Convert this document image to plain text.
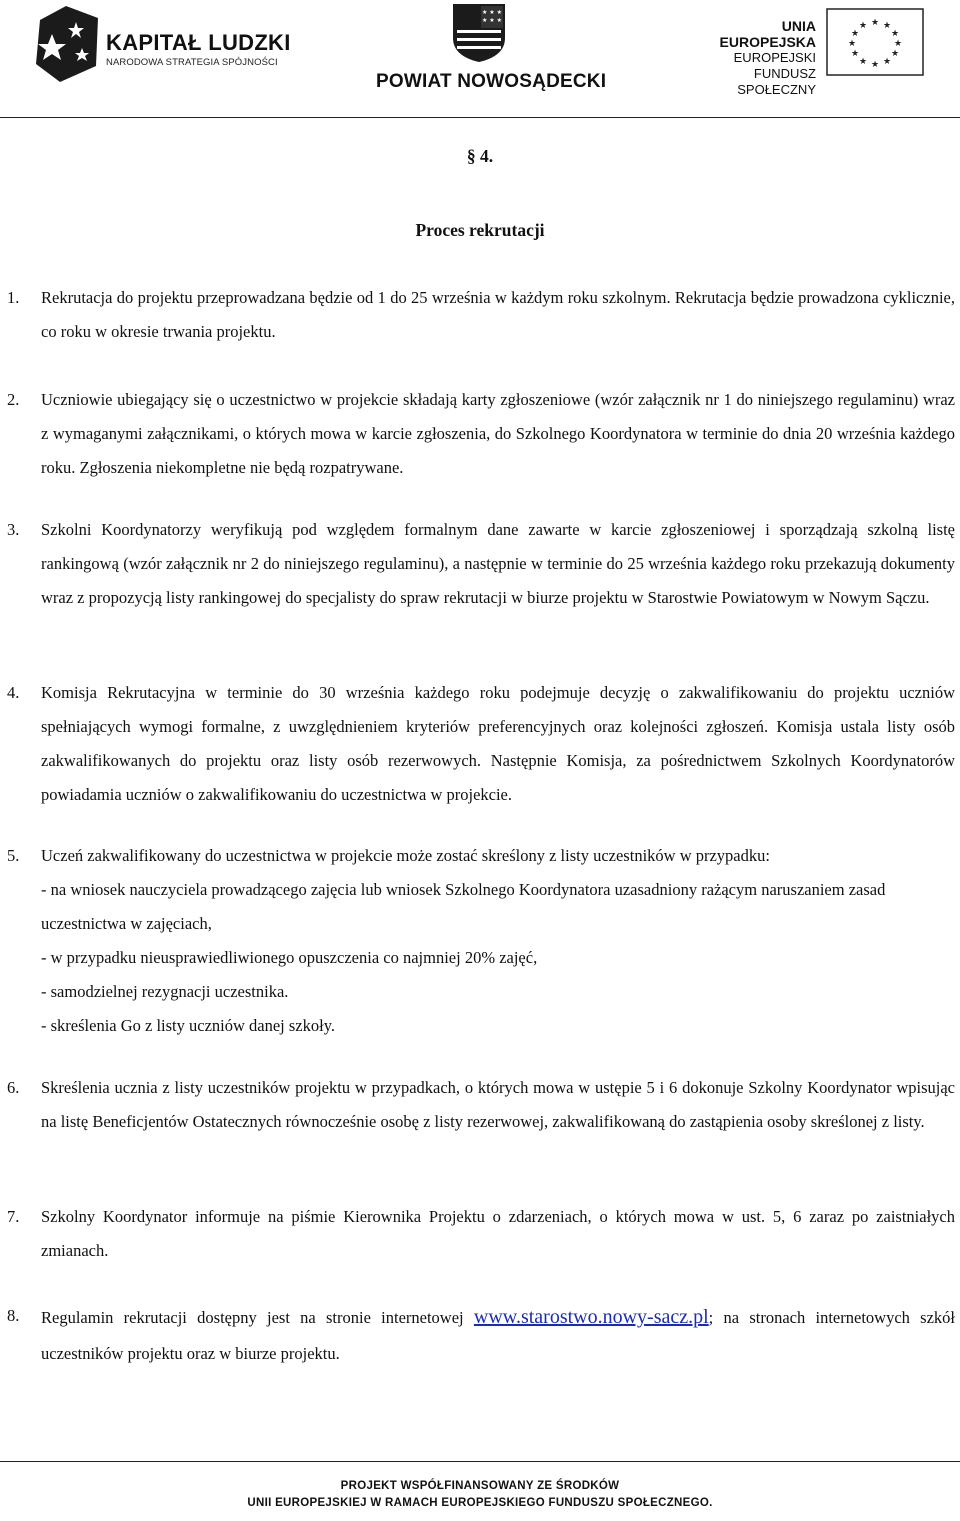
KAPITAŁ LUDZKI
NARODOWA STRATEGIA SPÓJNOŚCI
★ ★ ★
★ ★ ★
POWIAT NOWOSĄDECKI
UNIA EUROPEJSKA
EUROPEJSKI
FUNDUSZ SPOŁECZNY
★ ★
★
★
★
★
★
★
★
★
★
★
§ 4.
Proces rekrutacji
1. Rekrutacja do projektu przeprowadzana będzie od 1 do 25 września w każdym roku szkolnym. Rekrutacja będzie prowadzona cyklicznie, co roku w okresie trwania projektu.
2. Uczniowie ubiegający się o uczestnictwo w projekcie składają karty zgłoszeniowe (wzór załącznik nr 1 do niniejszego regulaminu) wraz z wymaganymi załącznikami, o których mowa w karcie zgłoszenia, do Szkolnego Koordynatora w terminie do dnia 20 września każdego roku. Zgłoszenia niekompletne nie będą rozpatrywane.
3. Szkolni Koordynatorzy weryfikują pod względem formalnym dane zawarte w karcie zgłoszeniowej i sporządzają szkolną listę rankingową (wzór załącznik nr 2 do niniejszego regulaminu), a następnie w terminie do 25 września każdego roku przekazują dokumenty wraz z propozycją listy rankingowej do specjalisty do spraw rekrutacji w biurze projektu w Starostwie Powiatowym w Nowym Sączu.
4. Komisja Rekrutacyjna w terminie do 30 września każdego roku podejmuje decyzję o zakwalifikowaniu do projektu uczniów spełniających wymogi formalne, z uwzględnieniem kryteriów preferencyjnych oraz kolejności zgłoszeń. Komisja ustala listy osób zakwalifikowanych do projektu oraz listy osób rezerwowych. Następnie Komisja, za pośrednictwem Szkolnych Koordynatorów powiadamia uczniów o zakwalifikowaniu do uczestnictwa w projekcie.
5. Uczeń zakwalifikowany do uczestnictwa w projekcie może zostać skreślony z listy uczestników w przypadku:
- na wniosek nauczyciela prowadzącego zajęcia lub wniosek Szkolnego Koordynatora uzasadniony rażącym naruszaniem zasad uczestnictwa w zajęciach,
- w przypadku nieusprawiedliwionego opuszczenia co najmniej 20% zajęć,
- samodzielnej rezygnacji uczestnika.
- skreślenia Go z listy uczniów danej szkoły.
6. Skreślenia ucznia z listy uczestników projektu w przypadkach, o których mowa w ustępie 5 i 6 dokonuje Szkolny Koordynator wpisując na listę Beneficjentów Ostatecznych równocześnie osobę z listy rezerwowej, zakwalifikowaną do zastąpienia osoby skreślonej z listy.
7. Szkolny Koordynator informuje na piśmie Kierownika Projektu o zdarzeniach, o których mowa w ust. 5, 6 zaraz po zaistniałych zmianach.
8. Regulamin rekrutacji dostępny jest na stronie internetowej www.starostwo.nowy-sacz.pl; na stronach internetowych szkół uczestników projektu oraz w biurze projektu.
PROJEKT WSPÓŁFINANSOWANY ZE ŚRODKÓW
UNII EUROPEJSKIEJ W RAMACH EUROPEJSKIEGO FUNDUSZU SPOŁECZNEGO.
